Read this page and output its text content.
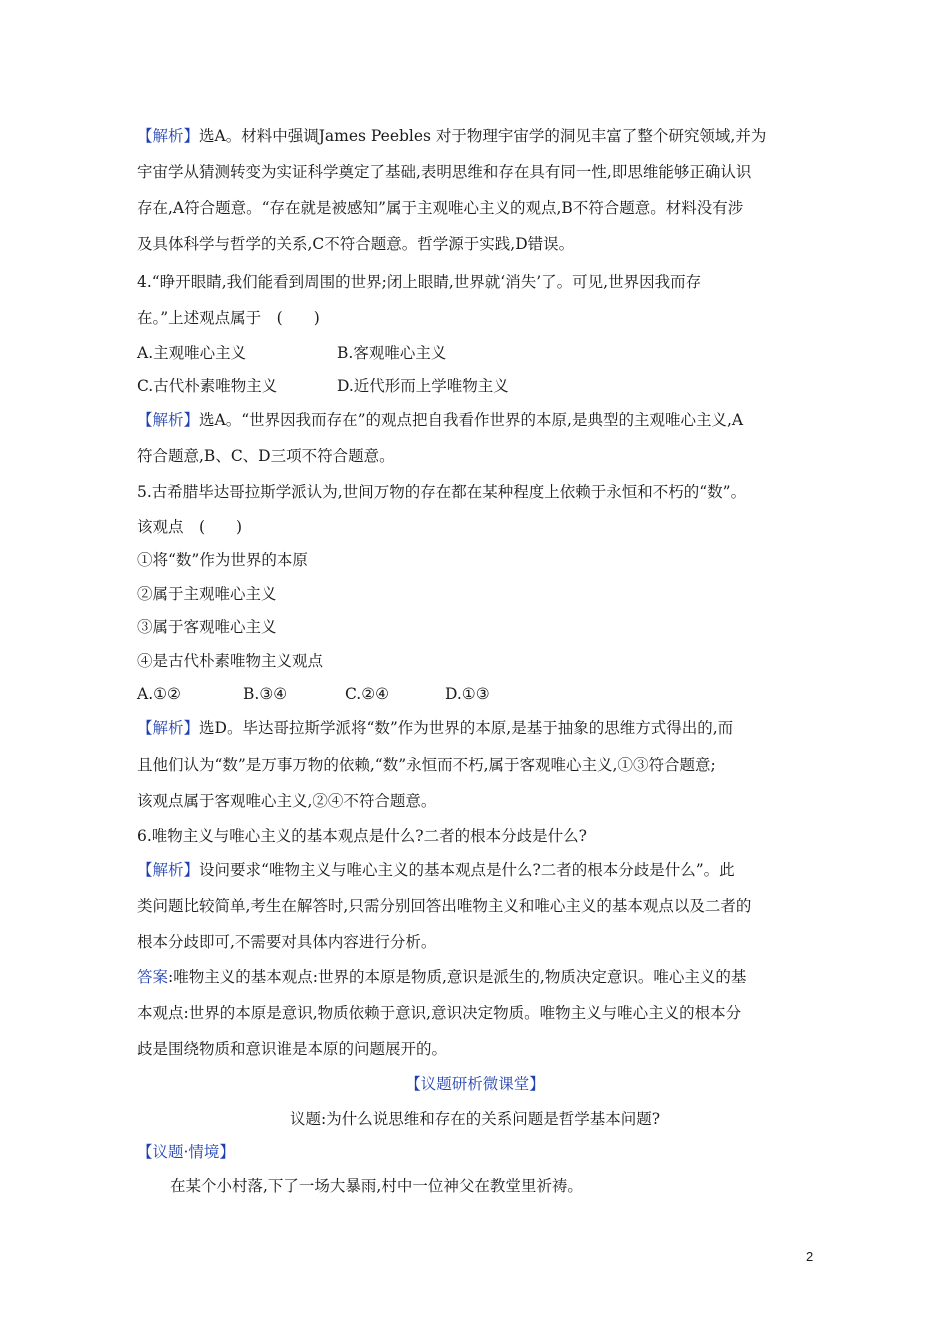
【解析】选A。材料中强调James Peebles 对于物理宇宙学的洞见丰富了整个研究领域,并为
宇宙学从猜测转变为实证科学奠定了基础,表明思维和存在具有同一性,即思维能够正确认识
存在,A符合题意。“存在就是被感知”属于主观唯心主义的观点,B不符合题意。材料没有涉
及具体科学与哲学的关系,C不符合题意。哲学源于实践,D错误。
4.“睁开眼睛,我们能看到周围的世界;闭上眼睛,世界就‘消失’了。可见,世界因我而存
在。”上述观点属于　(　　)
A.主观唯心主义	B.客观唯心主义
C.古代朴素唯物主义	D.近代形而上学唯物主义
【解析】选A。“世界因我而存在”的观点把自我看作世界的本原,是典型的主观唯心主义,A
符合题意,B、C、D三项不符合题意。
5.古希腊毕达哥拉斯学派认为,世间万物的存在都在某种程度上依赖于永恒和不朽的“数”。
该观点　(　　)
①将“数”作为世界的本原
②属于主观唯心主义
③属于客观唯心主义
④是古代朴素唯物主义观点
A.①②	B.③④	C.②④	D.①③
【解析】选D。毕达哥拉斯学派将“数”作为世界的本原,是基于抽象的思维方式得出的,而
且他们认为“数”是万事万物的依赖,“数”永恒而不朽,属于客观唯心主义,①③符合题意;
该观点属于客观唯心主义,②④不符合题意。
6.唯物主义与唯心主义的基本观点是什么?二者的根本分歧是什么?
【解析】设问要求“唯物主义与唯心主义的基本观点是什么?二者的根本分歧是什么”。此
类问题比较简单,考生在解答时,只需分别回答出唯物主义和唯心主义的基本观点以及二者的
根本分歧即可,不需要对具体内容进行分析。
答案:唯物主义的基本观点:世界的本原是物质,意识是派生的,物质决定意识。唯心主义的基
本观点:世界的本原是意识,物质依赖于意识,意识决定物质。唯物主义与唯心主义的根本分
歧是围绕物质和意识谁是本原的问题展开的。
【议题研析微课堂】
议题:为什么说思维和存在的关系问题是哲学基本问题?
【议题·情境】
在某个小村落,下了一场大暴雨,村中一位神父在教堂里祈祷。
2
